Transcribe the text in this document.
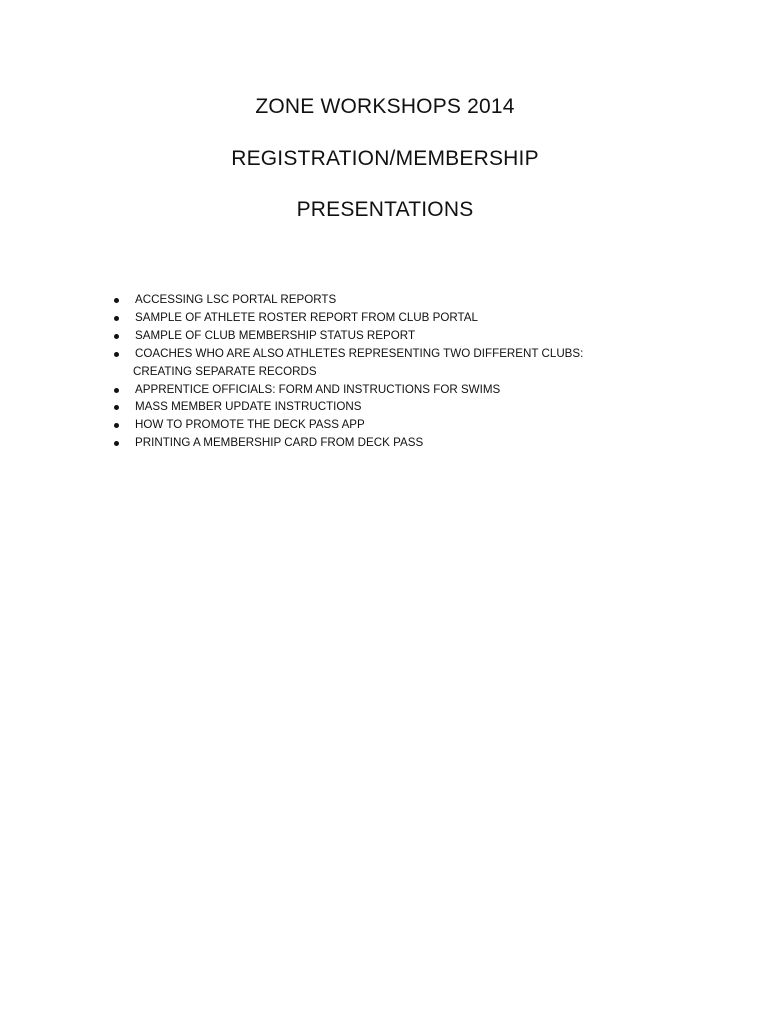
ZONE WORKSHOPS 2014
REGISTRATION/MEMBERSHIP
PRESENTATIONS
ACCESSING LSC PORTAL REPORTS
SAMPLE OF ATHLETE ROSTER REPORT FROM CLUB PORTAL
SAMPLE OF CLUB MEMBERSHIP STATUS REPORT
COACHES WHO ARE ALSO ATHLETES REPRESENTING TWO DIFFERENT CLUBS:
CREATING SEPARATE RECORDS
APPRENTICE OFFICIALS: FORM AND INSTRUCTIONS FOR SWIMS
MASS MEMBER UPDATE INSTRUCTIONS
HOW TO PROMOTE THE DECK PASS APP
PRINTING A MEMBERSHIP CARD FROM DECK PASS
